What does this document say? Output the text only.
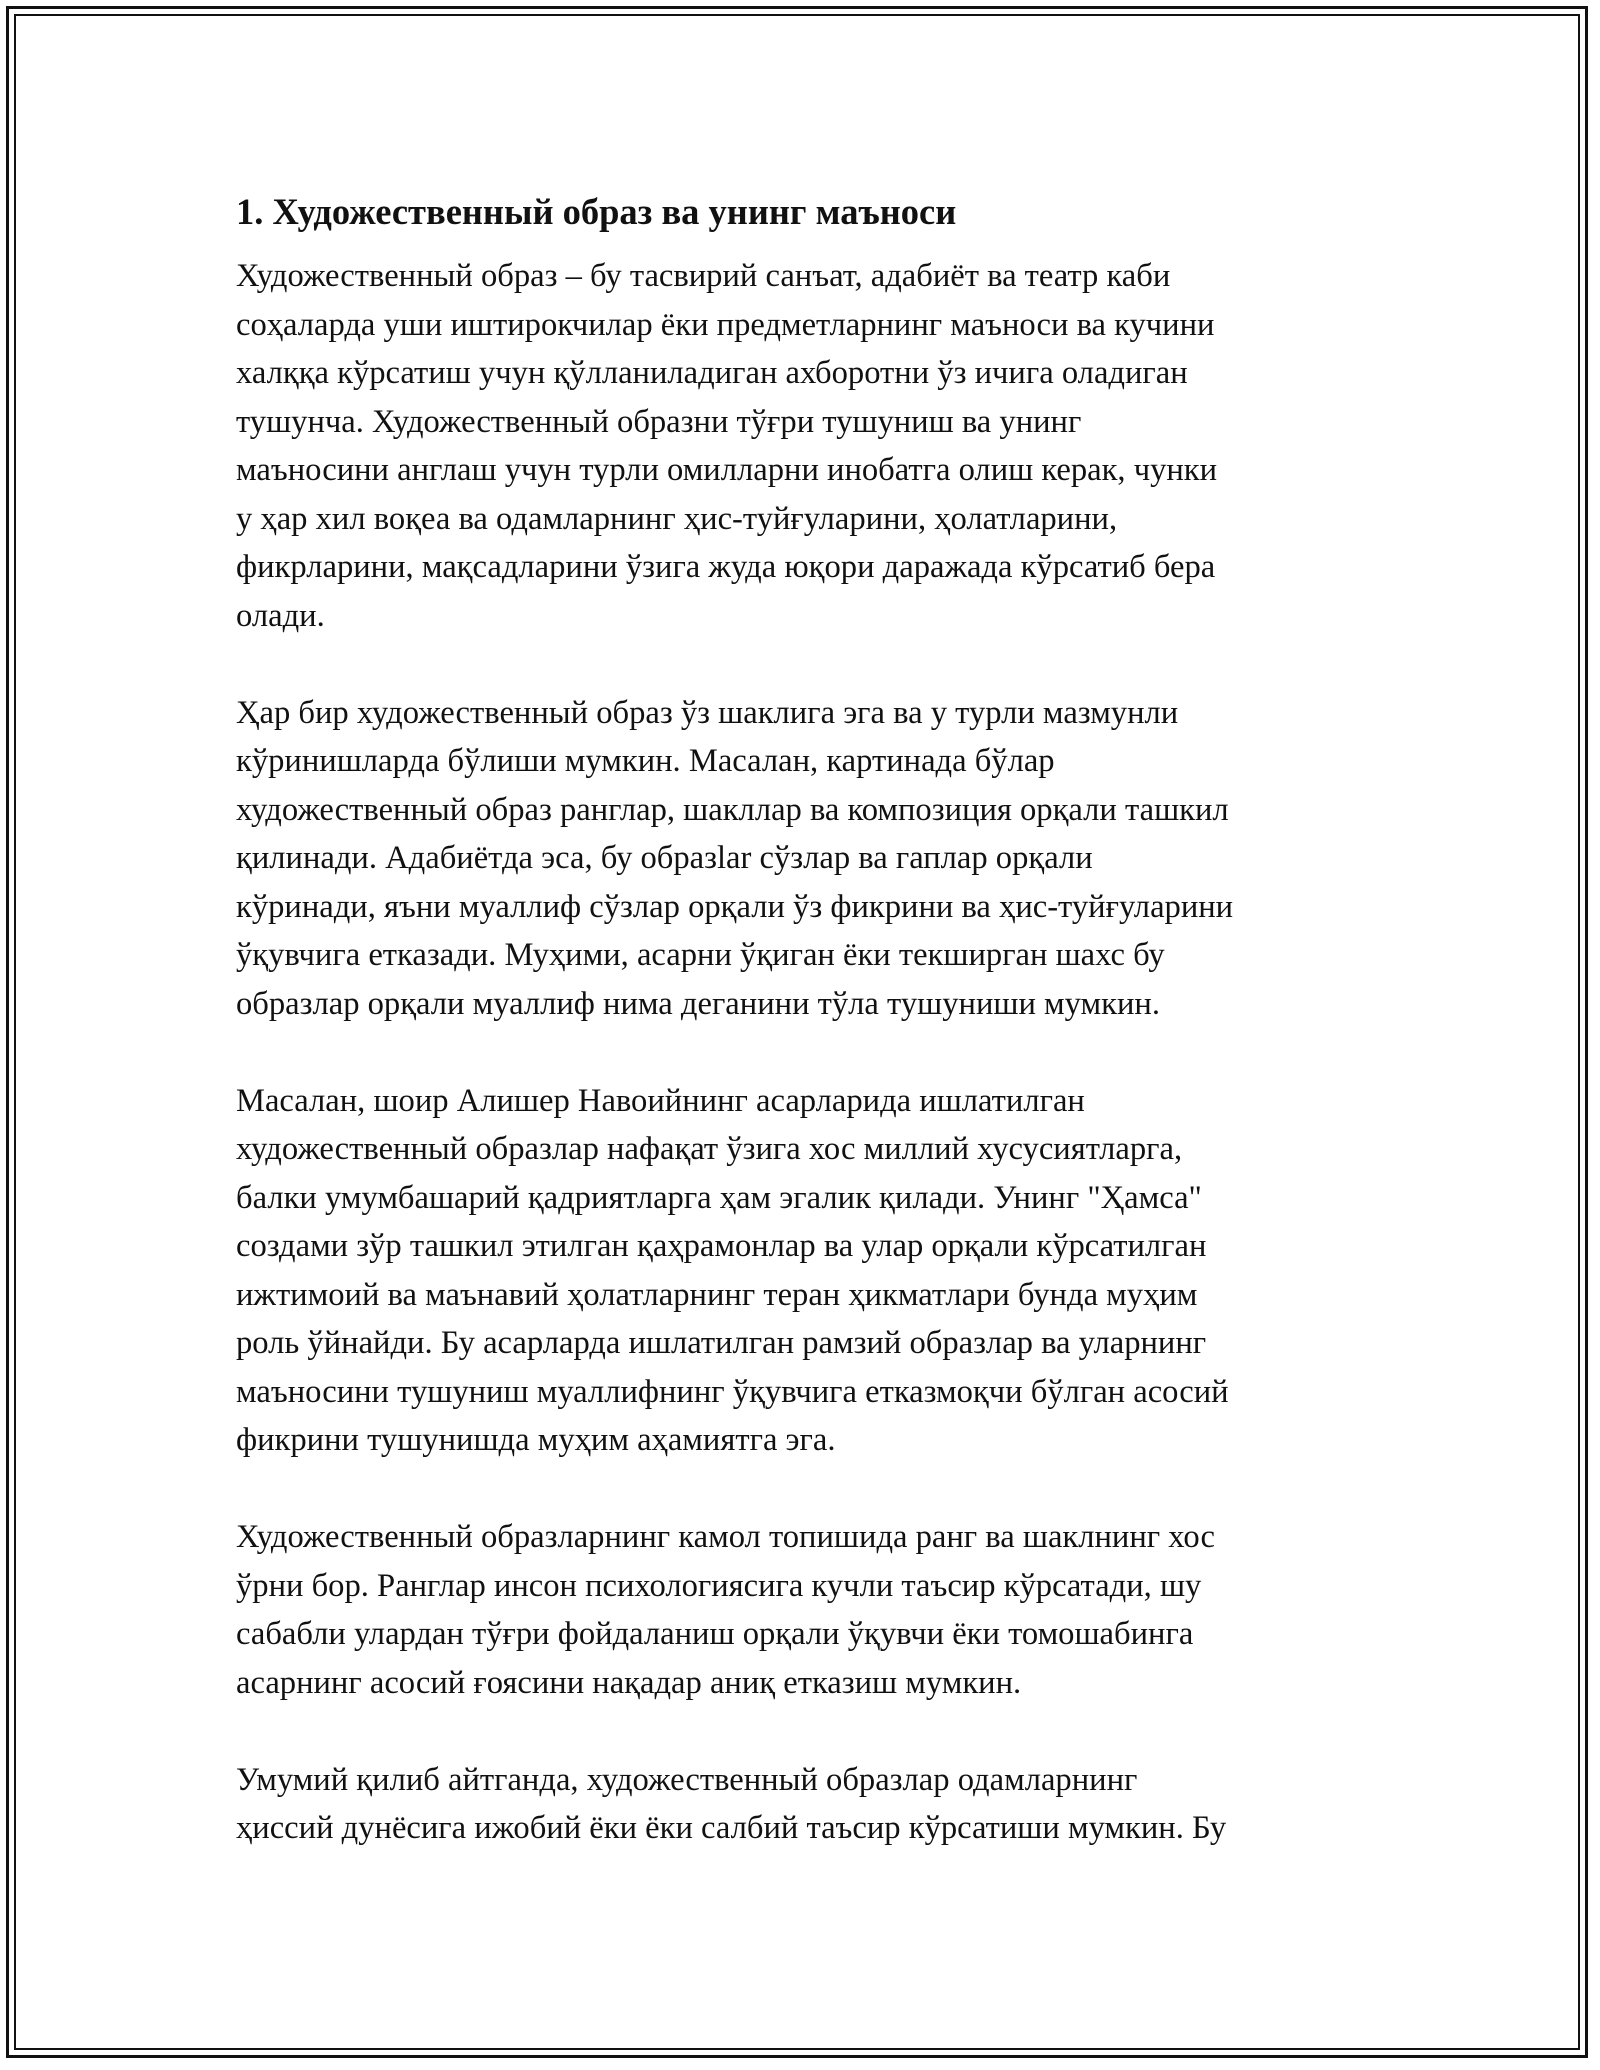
1. Художественный образ ва унинг маъноси

Художественный образ – бу тасвирий санъат, адабиёт ва театр каби
соҳаларда уши иштирокчилар ёки предметларнинг маъноси ва кучини
халққа кўрсатиш учун қўлланиладиган ахборотни ўз ичига оладиган
тушунча. Художественный образни тўғри тушуниш ва унинг
маъносини англаш учун турли омилларни инобатга олиш керак, чунки
у ҳар хил воқеа ва одамларнинг ҳис-туйғуларини, ҳолатларини,
фикрларини, мақсадларини ўзига жуда юқори даражада кўрсатиб бера
олади.

Ҳар бир художественный образ ўз шаклига эга ва у турли мазмунли
кўринишларда бўлиши мумкин. Масалан, картинада бўлар
художественный образ ранглар, шакллар ва композиция орқали ташкил
қилинади. Адабиётда эса, бу образlar сўзлар ва гаплар орқали
кўринади, яъни муаллиф сўзлар орқали ўз фикрини ва ҳис-туйғуларини
ўқувчига етказади. Муҳими, асарни ўқиган ёки текширган шахс бу
образлар орқали муаллиф нима деганини тўла тушуниши мумкин.

Масалан, шоир Алишер Навоийнинг асарларида ишлатилган
художественный образлар нафақат ўзига хос миллий хусусиятларга,
балки умумбашарий қадриятларга ҳам эгалик қилади. Унинг "Ҳамса"
создами зўр ташкил этилган қаҳрамонлар ва улар орқали кўрсатилган
ижтимоий ва маънавий ҳолатларнинг теран ҳикматлари бунда муҳим
роль ўйнайди. Бу асарларда ишлатилган рамзий образлар ва уларнинг
маъносини тушуниш муаллифнинг ўқувчига етказмоқчи бўлган асосий
фикрини тушунишда муҳим аҳамиятга эга.

Художественный образларнинг камол топишида ранг ва шаклнинг хос
ўрни бор. Ранглар инсон психологиясига кучли таъсир кўрсатади, шу
сабабли улардан тўғри фойдаланиш орқали ўқувчи ёки томошабинга
асарнинг асосий ғоясини нақадар аниқ етказиш мумкин.

Умумий қилиб айтганда, художественный образлар одамларнинг
ҳиссий дунёсига ижобий ёки ёки салбий таъсир кўрсатиши мумкин. Бу
